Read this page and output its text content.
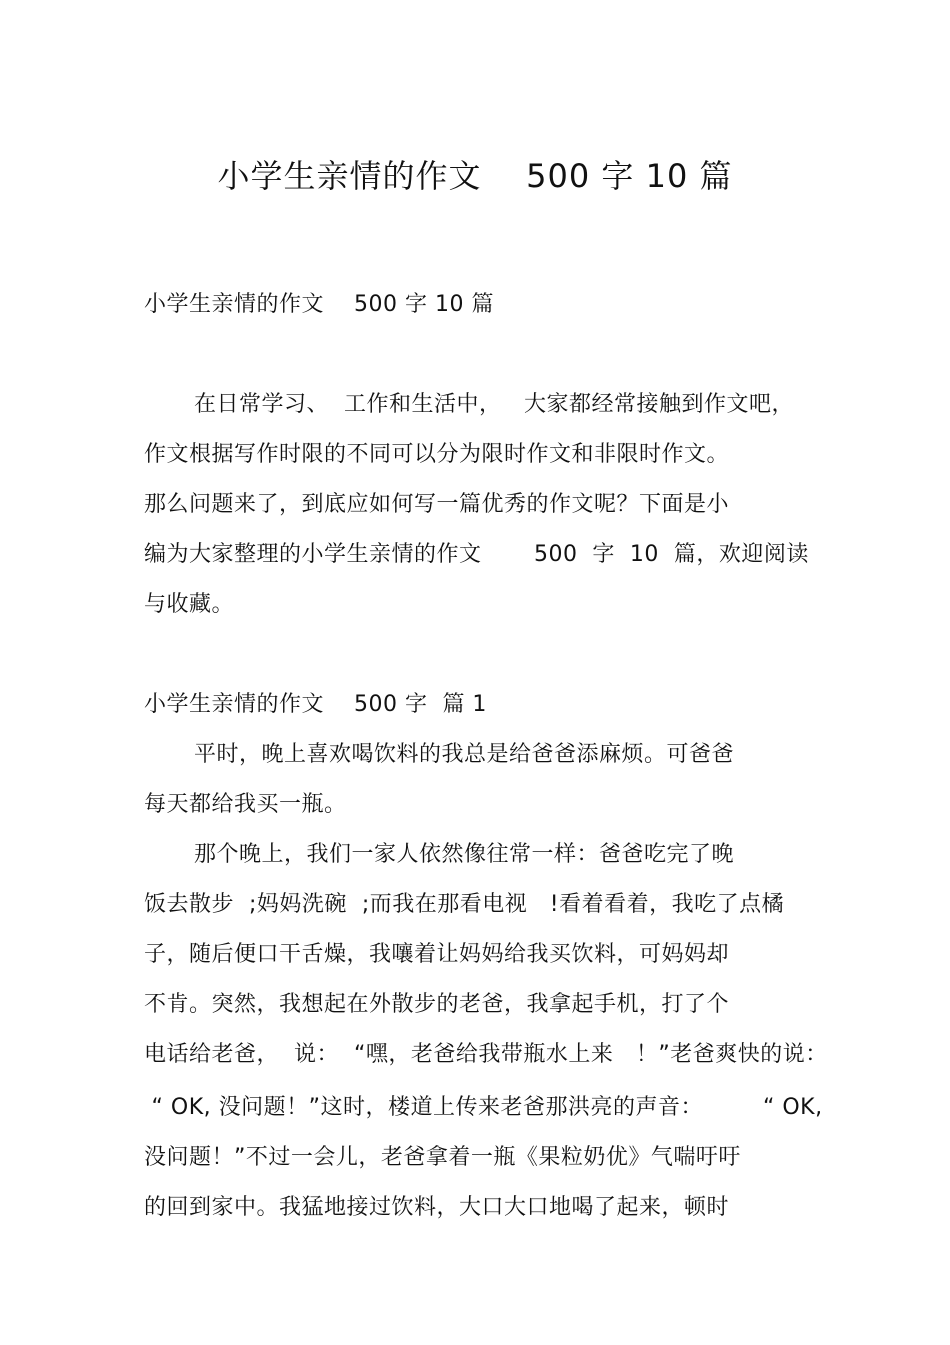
小学生亲情的作文    500 字 10 篇
小学生亲情的作文    500 字 10 篇
在日常学习、  工作和生活中，   大家都经常接触到作文吧，
作文根据写作时限的不同可以分为限时作文和非限时作文。
那么问题来了，到底应如何写一篇优秀的作文呢？下面是小
编为大家整理的小学生亲情的作文       500  字  10  篇，欢迎阅读
与收藏。
小学生亲情的作文    500 字  篇 1
平时，晚上喜欢喝饮料的我总是给爸爸添麻烦。可爸爸
每天都给我买一瓶。
那个晚上，我们一家人依然像往常一样：爸爸吃完了晚
饭去散步  ;妈妈洗碗  ;而我在那看电视   !看着看着，我吃了点橘
子，随后便口干舌燥，我嚷着让妈妈给我买饮料，可妈妈却
不肯。突然，我想起在外散步的老爸，我拿起手机，打了个
电话给老爸，  说：  “嘿，老爸给我带瓶水上来   ！”老爸爽快的说：
“ OK, 没问题！”这时，楼道上传来老爸那洪亮的声音：        “ OK,
没问题！”不过一会儿，老爸拿着一瓶《果粒奶优》气喘吁吁
的回到家中。我猛地接过饮料，大口大口地喝了起来，顿时
